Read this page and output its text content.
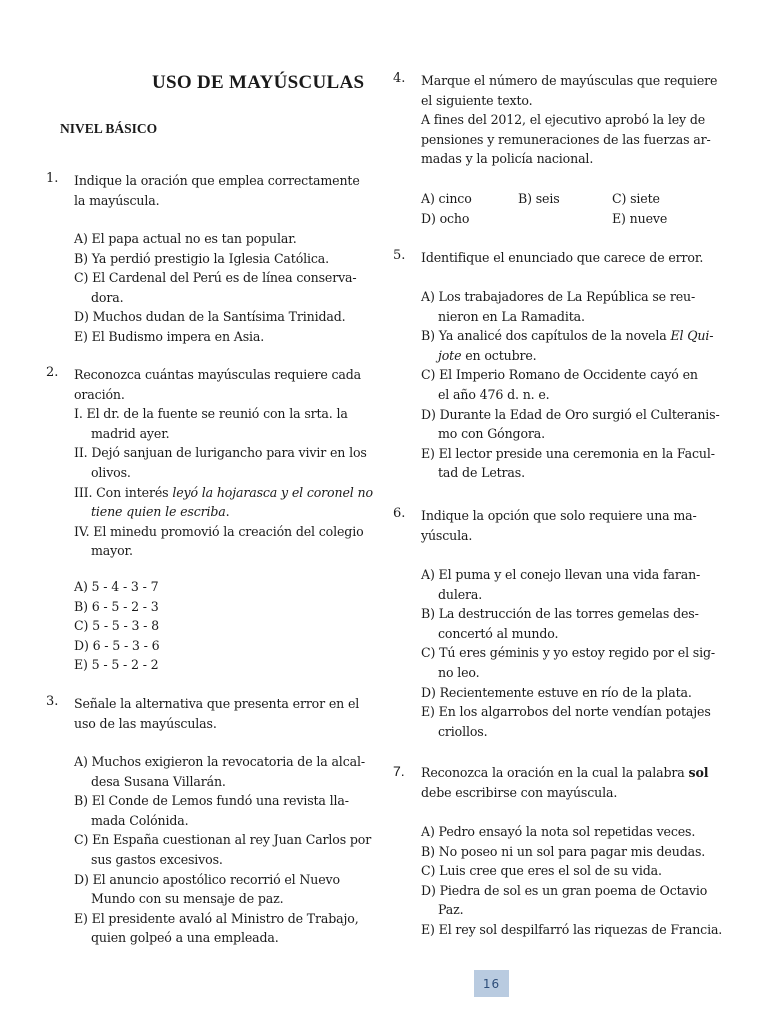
USO DE MAYÚSCULAS
NIVEL BÁSICO
1. Indique la oración que emplea correctamente
la mayúscula.
A) El papa actual no es tan popular.
B) Ya perdió prestigio la Iglesia Católica.
C) El Cardenal del Perú es de línea conserva-
dora.
D) Muchos dudan de la Santísima Trinidad.
E) El Budismo impera en Asia.
2. Reconozca cuántas mayúsculas requiere cada
oración.
I. El dr. de la fuente se reunió con la srta. la
madrid ayer.
II. Dejó sanjuan de lurigancho para vivir en los
olivos.
III. Con interés leyó la hojarasca y el coronel no
tiene quien le escriba.
IV. El minedu promovió la creación del colegio
mayor.
A) 5 - 4 - 3 - 7
B) 6 - 5 - 2 - 3
C) 5 - 5 - 3 - 8
D) 6 - 5 - 3 - 6
E) 5 - 5 - 2 - 2
3. Señale la alternativa que presenta error en el
uso de las mayúsculas.
A) Muchos exigieron la revocatoria de la alcal-
desa Susana Villarán.
B) El Conde de Lemos fundó una revista lla-
mada Colónida.
C) En España cuestionan al rey Juan Carlos por
sus gastos excesivos.
D) El anuncio apostólico recorrió el Nuevo
Mundo con su mensaje de paz.
E) El presidente avaló al Ministro de Trabajo,
quien golpeó a una empleada.
4. Marque el número de mayúsculas que requiere
el siguiente texto.
A fines del 2012, el ejecutivo aprobó la ley de
pensiones y remuneraciones de las fuerzas ar-
madas y la policía nacional.
A) cinco	B) seis	C) siete
D) ocho	E) nueve
5. Identifique el enunciado que carece de error.
A) Los trabajadores de La República se reu-
nieron en La Ramadita.
B) Ya analicé dos capítulos de la novela El Qui-
jote en octubre.
C) El Imperio Romano de Occidente cayó en
el año 476 d. n. e.
D) Durante la Edad de Oro surgió el Culteranis-
mo con Góngora.
E) El lector preside una ceremonia en la Facul-
tad de Letras.
6. Indique la opción que solo requiere una ma-
yúscula.
A) El puma y el conejo llevan una vida faran-
dulera.
B) La destrucción de las torres gemelas des-
concertó al mundo.
C) Tú eres géminis y yo estoy regido por el sig-
no leo.
D) Recientemente estuve en río de la plata.
E) En los algarrobos del norte vendían potajes
criollos.
7. Reconozca la oración en la cual la palabra sol
debe escribirse con mayúscula.
A) Pedro ensayó la nota sol repetidas veces.
B) No poseo ni un sol para pagar mis deudas.
C) Luis cree que eres el sol de su vida.
D) Piedra de sol es un gran poema de Octavio
Paz.
E) El rey sol despilfarró las riquezas de Francia.
16
